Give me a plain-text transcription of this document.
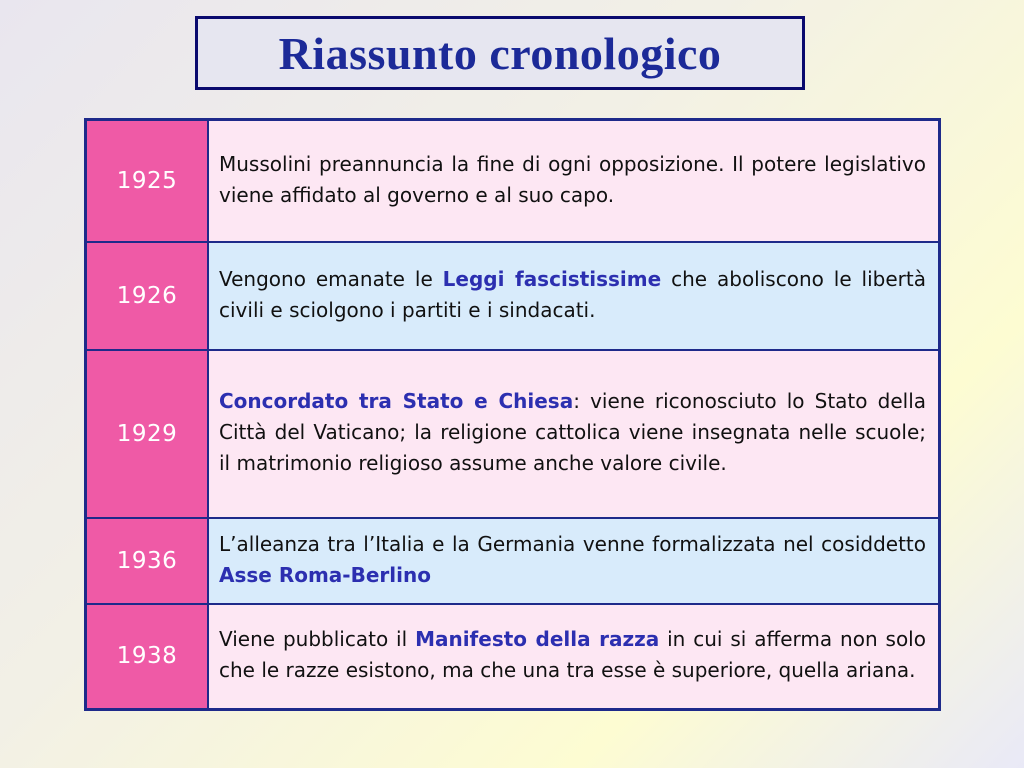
Riassunto cronologico
1925	Mussolini preannuncia la fine di ogni opposizione. Il potere legislativo viene affidato al governo e al suo capo.
1926	Vengono emanate le Leggi fascistissime che aboliscono le libertà civili e sciolgono i partiti e i sindacati.
1929	Concordato tra Stato e Chiesa: viene riconosciuto lo Stato della Città del Vaticano; la religione cattolica viene insegnata nelle scuole; il matrimonio religioso assume anche valore civile.
1936	L’alleanza tra l’Italia e la Germania venne formalizzata nel cosiddetto Asse Roma-Berlino
1938	Viene pubblicato il Manifesto della razza in cui si afferma non solo che le razze esistono, ma che una tra esse è superiore, quella ariana.
